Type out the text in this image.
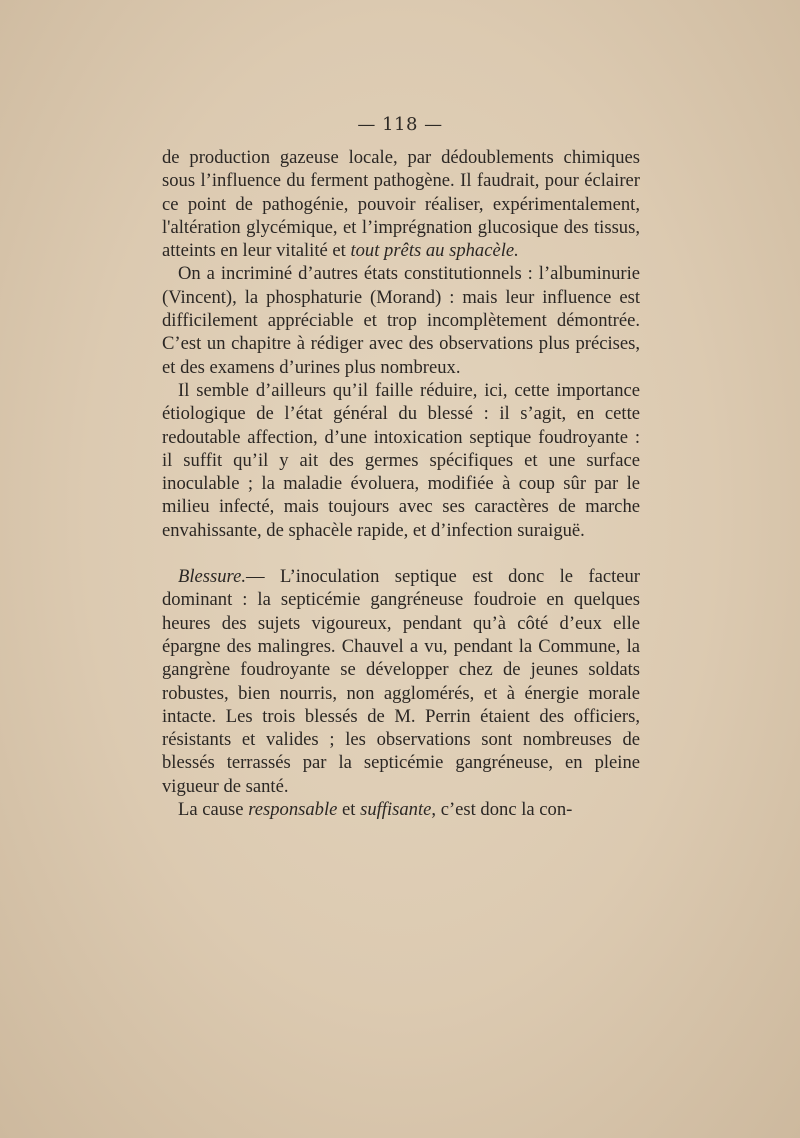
— 118 —

de production gazeuse locale, par dédoublements chimiques sous l’influence du ferment pathogène. Il faudrait, pour éclairer ce point de pathogénie, pouvoir réaliser, expérimentalement, l'altération glycémique, et l’imprégnation glucosique des tissus, atteints en leur vitalité et tout prêts au sphacèle.

On a incriminé d’autres états constitutionnels : l’albuminurie (Vincent), la phosphaturie (Morand) : mais leur influence est difficilement appréciable et trop incomplètement démontrée. C’est un chapitre à rédiger avec des observations plus précises, et des examens d’urines plus nombreux.

Il semble d’ailleurs qu’il faille réduire, ici, cette importance étiologique de l’état général du blessé : il s’agit, en cette redoutable affection, d’une intoxication septique foudroyante : il suffit qu’il y ait des germes spécifiques et une surface inoculable ; la maladie évoluera, modifiée à coup sûr par le milieu infecté, mais toujours avec ses caractères de marche envahissante, de sphacèle rapide, et d’infection suraiguë.

Blessure.— L’inoculation septique est donc le facteur dominant : la septicémie gangréneuse foudroie en quelques heures des sujets vigoureux, pendant qu’à côté d’eux elle épargne des malingres. Chauvel a vu, pendant la Commune, la gangrène foudroyante se développer chez de jeunes soldats robustes, bien nourris, non agglomérés, et à énergie morale intacte. Les trois blessés de M. Perrin étaient des officiers, résistants et valides ; les observations sont nombreuses de blessés terrassés par la septicémie gangréneuse, en pleine vigueur de santé.

La cause responsable et suffisante, c’est donc la con-
